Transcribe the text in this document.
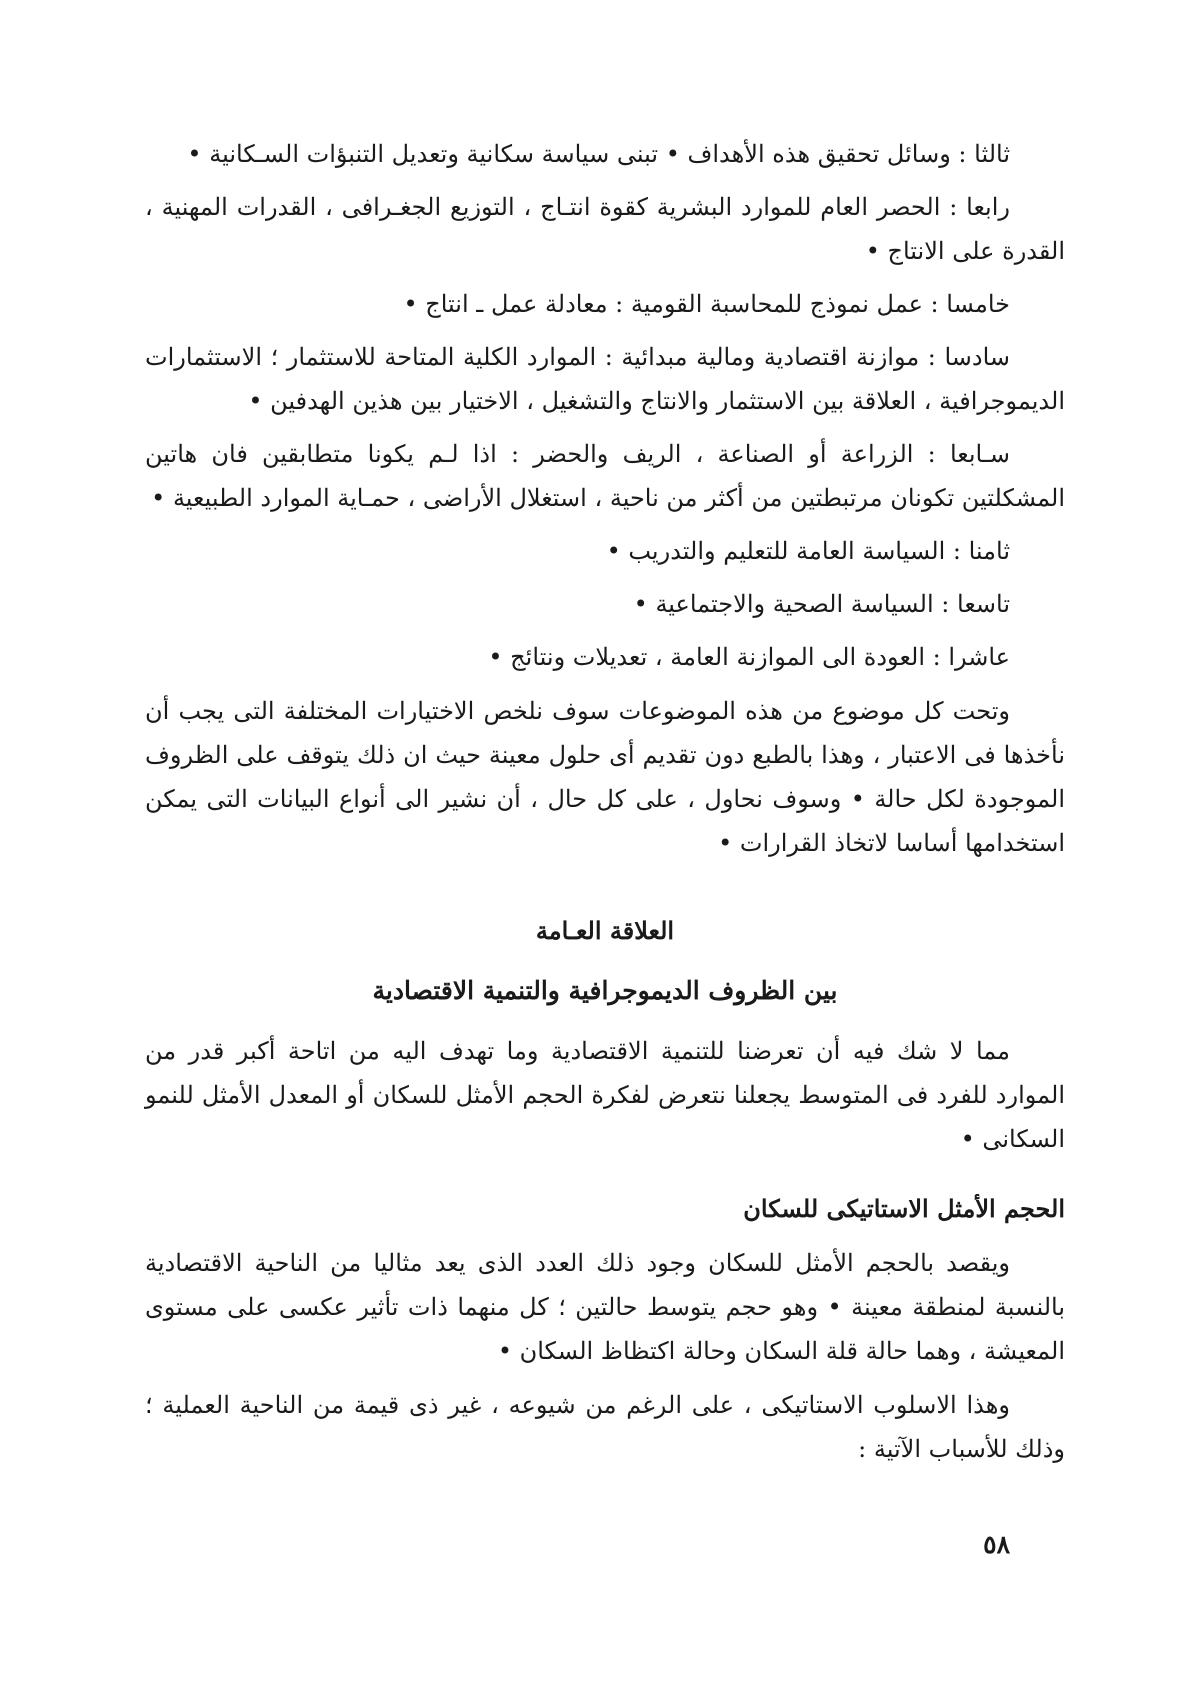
ثالثا : وسائل تحقيق هذه الأهداف • تبنى سياسة سكانية وتعديل التنبؤات السـكانية •

رابعا : الحصر العام للموارد البشرية كقوة انتـاج ، التوزيع الجغـرافى ، القدرات المهنية ، القدرة على الانتاج •

خامسا : عمل نموذج للمحاسبة القومية : معادلة عمل ـ انتاج •

سادسا : موازنة اقتصادية ومالية مبدائية : الموارد الكلية المتاحة للاستثمار ؛ الاستثمارات الديموجرافية ، العلاقة بين الاستثمار والانتاج والتشغيل ، الاختيار بين هذين الهدفين •

سـابعا : الزراعة أو الصناعة ، الريف والحضر : اذا لـم يكونا متطابقين فان هاتين المشكلتين تكونان مرتبطتين من أكثر من ناحية ، استغلال الأراضى ، حمـاية الموارد الطبيعية •

ثامنا : السياسة العامة للتعليم والتدريب •

تاسعا : السياسة الصحية والاجتماعية •

عاشرا : العودة الى الموازنة العامة ، تعديلات ونتائج •

وتحت كل موضوع من هذه الموضوعات سوف نلخص الاختيارات المختلفة التى يجب أن نأخذها فى الاعتبار ، وهذا بالطبع دون تقديم أى حلول معينة حيث ان ذلك يتوقف على الظروف الموجودة لكل حالة • وسوف نحاول ، على كل حال ، أن نشير الى أنواع البيانات التى يمكن استخدامها أساسا لاتخاذ القرارات •

العلاقة العـامة
بين الظروف الديموجرافية والتنمية الاقتصادية

مما لا شك فيه أن تعرضنا للتنمية الاقتصادية وما تهدف اليه من اتاحة أكبر قدر من الموارد للفرد فى المتوسط يجعلنا نتعرض لفكرة الحجم الأمثل للسكان أو المعدل الأمثل للنمو السكانى •

الحجم الأمثل الاستاتيكى للسكان

ويقصد بالحجم الأمثل للسكان وجود ذلك العدد الذى يعد مثاليا من الناحية الاقتصادية بالنسبة لمنطقة معينة • وهو حجم يتوسط حالتين ؛ كل منهما ذات تأثير عكسى على مستوى المعيشة ، وهما حالة قلة السكان وحالة اكتظاظ السكان •

وهذا الاسلوب الاستاتيكى ، على الرغم من شيوعه ، غير ذى قيمة من الناحية العملية ؛ وذلك للأسباب الآتية :

٥٨
